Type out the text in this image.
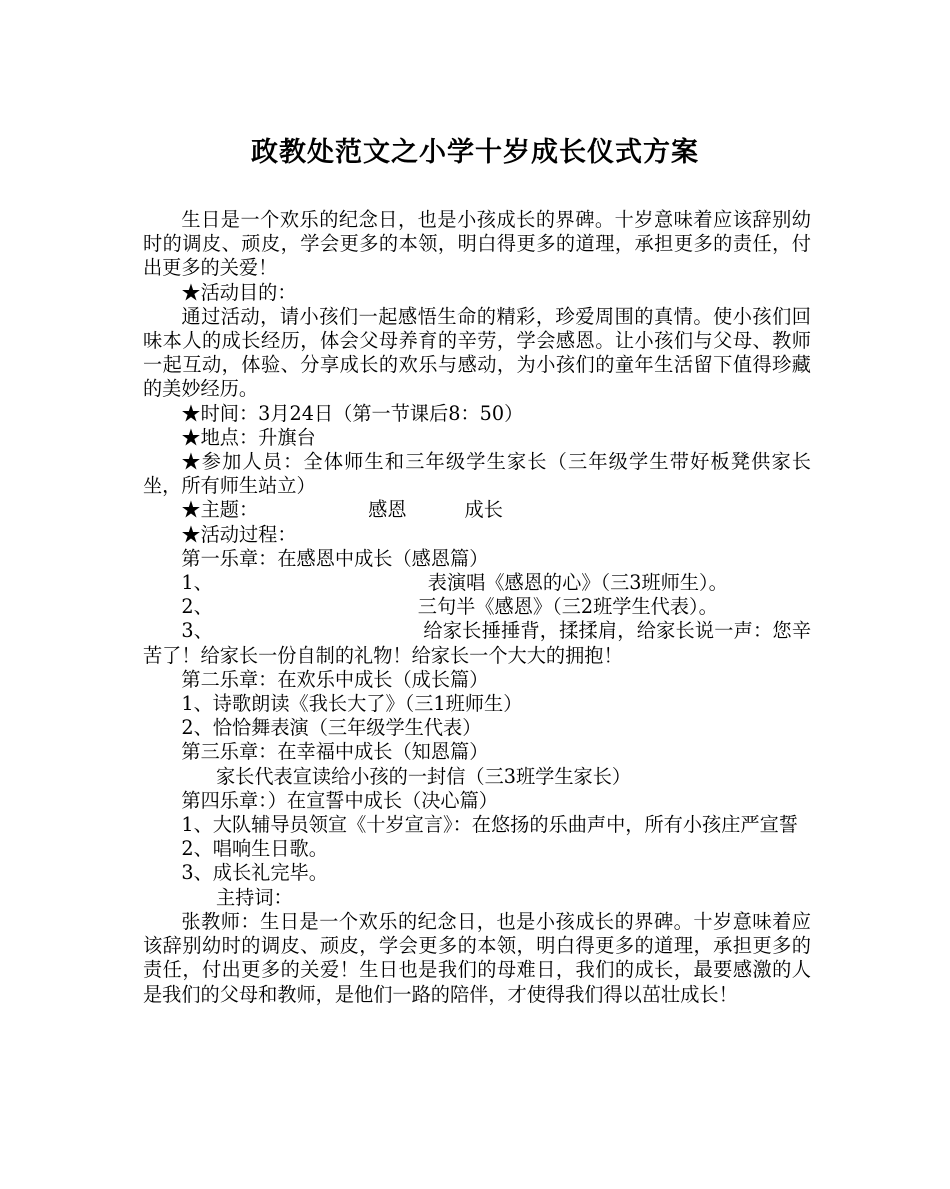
政教处范文之小学十岁成长仪式方案

生日是一个欢乐的纪念日，也是小孩成长的界碑。十岁意味着应该辞别幼时的调皮、顽皮，学会更多的本领，明白得更多的道理，承担更多的责任，付出更多的关爱！

★活动目的：

通过活动，请小孩们一起感悟生命的精彩，珍爱周围的真情。使小孩们回味本人的成长经历，体会父母养育的辛劳，学会感恩。让小孩们与父母、教师一起互动，体验、分享成长的欢乐与感动，为小孩们的童年生活留下值得珍藏的美妙经历。

★时间：3月24日（第一节课后8：50）

★地点：升旗台

★参加人员：全体师生和三年级学生家长（三年级学生带好板凳供家长坐，所有师生站立）

★主题：	感恩	成长

★活动过程：

第一乐章：在感恩中成长（感恩篇）

1、	表演唱《感恩的心》（三3班师生）。

2、	三句半《感恩》（三2班学生代表）。

3、	给家长捶捶背，揉揉肩，给家长说一声：您辛苦了！给家长一份自制的礼物！给家长一个大大的拥抱！

第二乐章：在欢乐中成长（成长篇）

1、诗歌朗读《我长大了》（三1班师生）

2、恰恰舞表演（三年级学生代表）

第三乐章：在幸福中成长（知恩篇）

家长代表宣读给小孩的一封信（三3班学生家长）

第四乐章：）在宣誓中成长（决心篇）

1、大队辅导员领宣《十岁宣言》：在悠扬的乐曲声中，所有小孩庄严宣誓

2、唱响生日歌。

3、成长礼完毕。

主持词：

张教师：生日是一个欢乐的纪念日，也是小孩成长的界碑。十岁意味着应该辞别幼时的调皮、顽皮，学会更多的本领，明白得更多的道理，承担更多的责任，付出更多的关爱！生日也是我们的母难日，我们的成长，最要感激的人是我们的父母和教师，是他们一路的陪伴，才使得我们得以茁壮成长！
